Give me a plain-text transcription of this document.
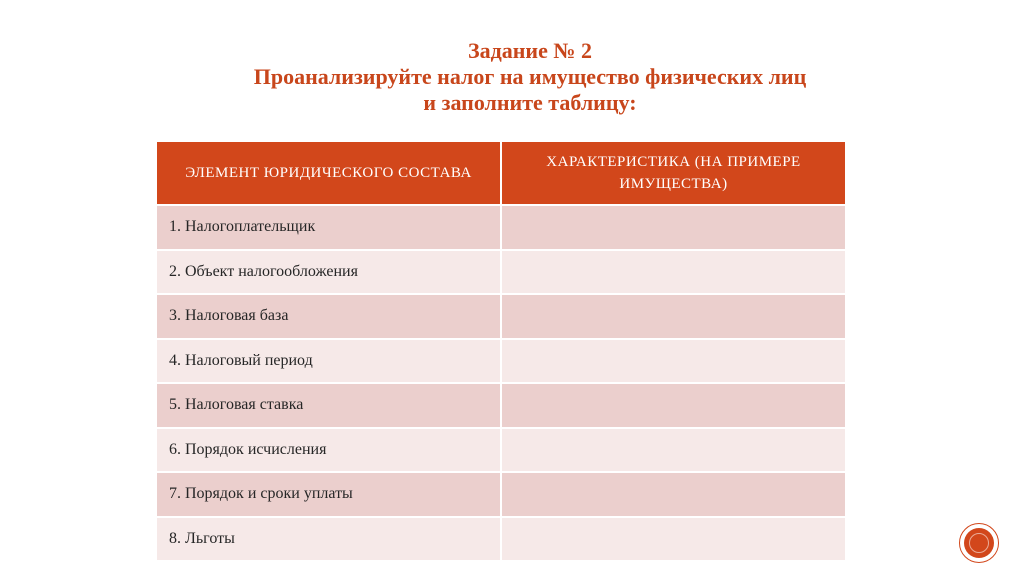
Задание № 2
Проанализируйте налог на имущество физических лиц
и заполните таблицу:
ЭЛЕМЕНТ ЮРИДИЧЕСКОГО СОСТАВА	ХАРАКТЕРИСТИКА (НА ПРИМЕРЕ ИМУЩЕСТВА)
1. Налогоплательщик	
2. Объект налогообложения	
3. Налоговая база	
4. Налоговый период	
5. Налоговая ставка	
6. Порядок исчисления	
7. Порядок и сроки уплаты	
8. Льготы	
